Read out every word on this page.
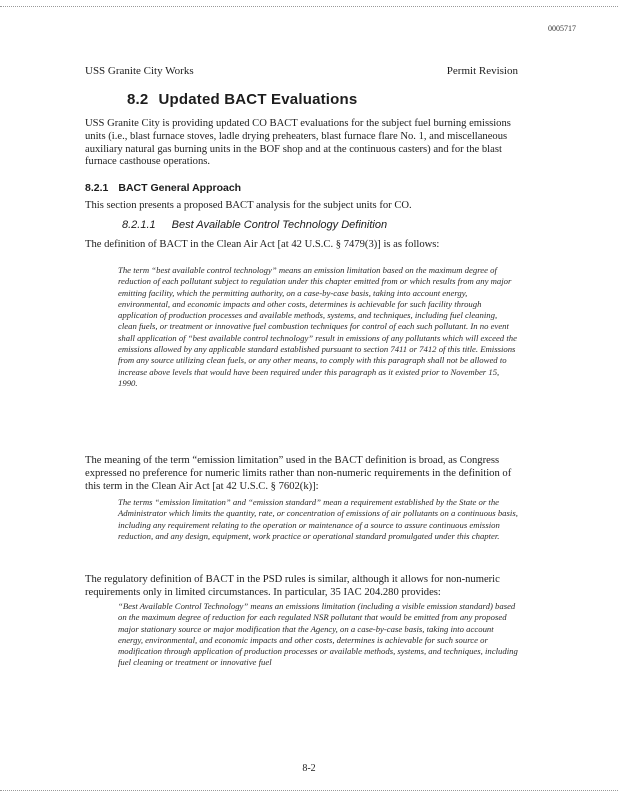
0005717
USS Granite City Works	Permit Revision
8.2 Updated BACT Evaluations
USS Granite City is providing updated CO BACT evaluations for the subject fuel burning emissions units (i.e., blast furnace stoves, ladle drying preheaters, blast furnace flare No. 1, and miscellaneous auxiliary natural gas burning units in the BOF shop and at the continuous casters) and for the blast furnace casthouse operations.
8.2.1 BACT General Approach
This section presents a proposed BACT analysis for the subject units for CO.
8.2.1.1 Best Available Control Technology Definition
The definition of BACT in the Clean Air Act [at 42 U.S.C. § 7479(3)] is as follows:
The term “best available control technology” means an emission limitation based on the maximum degree of reduction of each pollutant subject to regulation under this chapter emitted from or which results from any major emitting facility, which the permitting authority, on a case-by-case basis, taking into account energy, environmental, and economic impacts and other costs, determines is achievable for such facility through application of production processes and available methods, systems, and techniques, including fuel cleaning, clean fuels, or treatment or innovative fuel combustion techniques for control of each such pollutant. In no event shall application of “best available control technology” result in emissions of any pollutants which will exceed the emissions allowed by any applicable standard established pursuant to section 7411 or 7412 of this title. Emissions from any source utilizing clean fuels, or any other means, to comply with this paragraph shall not be allowed to increase above levels that would have been required under this paragraph as it existed prior to November 15, 1990.
The meaning of the term “emission limitation” used in the BACT definition is broad, as Congress expressed no preference for numeric limits rather than non-numeric requirements in the definition of this term in the Clean Air Act [at 42 U.S.C. § 7602(k)]:
The terms “emission limitation” and “emission standard” mean a requirement established by the State or the Administrator which limits the quantity, rate, or concentration of emissions of air pollutants on a continuous basis, including any requirement relating to the operation or maintenance of a source to assure continuous emission reduction, and any design, equipment, work practice or operational standard promulgated under this chapter.
The regulatory definition of BACT in the PSD rules is similar, although it allows for non-numeric requirements only in limited circumstances. In particular, 35 IAC 204.280 provides:
“Best Available Control Technology” means an emissions limitation (including a visible emission standard) based on the maximum degree of reduction for each regulated NSR pollutant that would be emitted from any proposed major stationary source or major modification that the Agency, on a case-by-case basis, taking into account energy, environmental, and economic impacts and other costs, determines is achievable for such source or modification through application of production processes or available methods, systems, and techniques, including fuel cleaning or treatment or innovative fuel
8-2
